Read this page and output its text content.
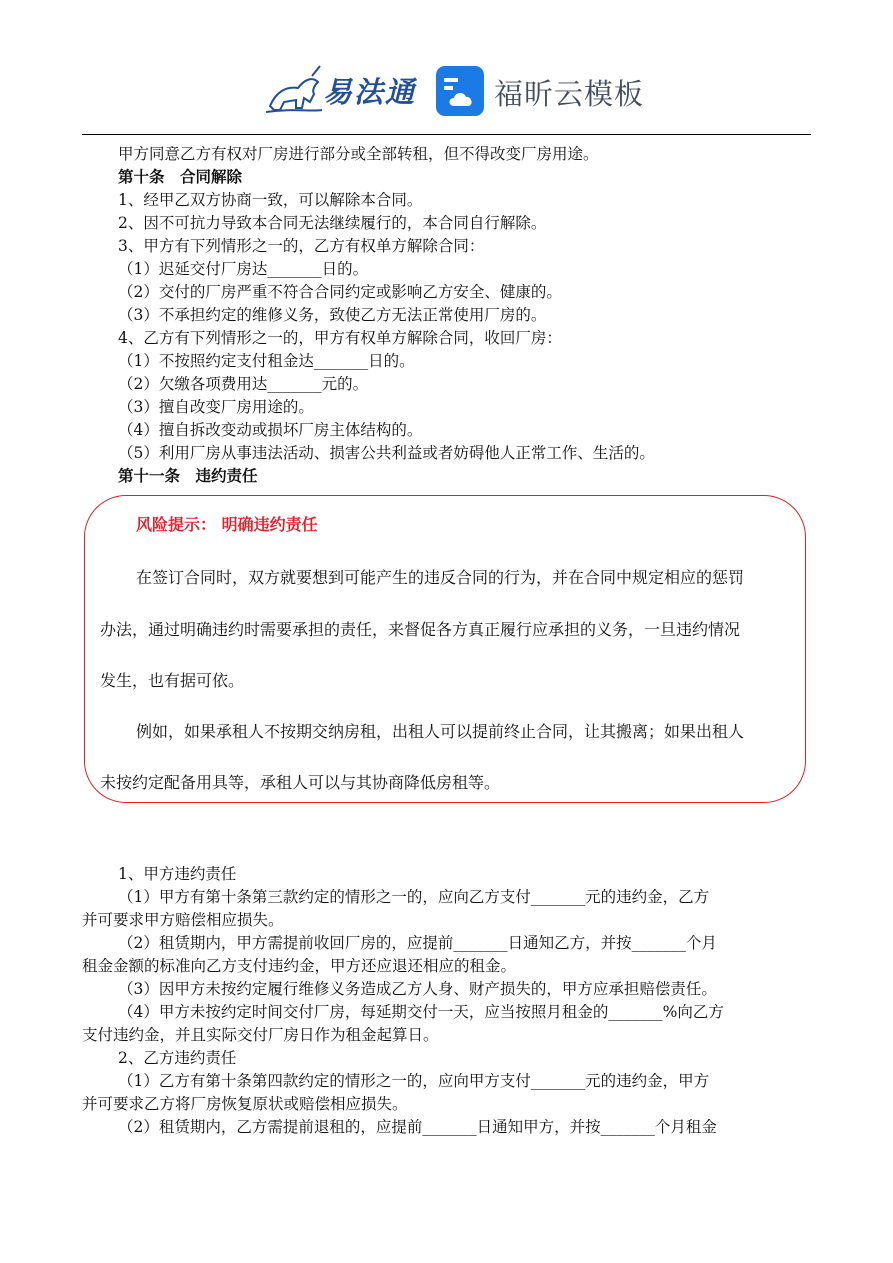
易法通	福昕云模板
甲方同意乙方有权对厂房进行部分或全部转租，但不得改变厂房用途。
第十条　合同解除
1、经甲乙双方协商一致，可以解除本合同。
2、因不可抗力导致本合同无法继续履行的，本合同自行解除。
3、甲方有下列情形之一的，乙方有权单方解除合同：
（1）迟延交付厂房达_______日的。
（2）交付的厂房严重不符合合同约定或影响乙方安全、健康的。
（3）不承担约定的维修义务，致使乙方无法正常使用厂房的。
4、乙方有下列情形之一的，甲方有权单方解除合同，收回厂房：
（1）不按照约定支付租金达_______日的。
（2）欠缴各项费用达_______元的。
（3）擅自改变厂房用途的。
（4）擅自拆改变动或损坏厂房主体结构的。
（5）利用厂房从事违法活动、损害公共利益或者妨碍他人正常工作、生活的。
第十一条　违约责任
风险提示： 明确违约责任
在签订合同时，双方就要想到可能产生的违反合同的行为，并在合同中规定相应的惩罚
办法，通过明确违约时需要承担的责任，来督促各方真正履行应承担的义务，一旦违约情况
发生，也有据可依。
例如，如果承租人不按期交纳房租，出租人可以提前终止合同，让其搬离；如果出租人
未按约定配备用具等，承租人可以与其协商降低房租等。
1、甲方违约责任
（1）甲方有第十条第三款约定的情形之一的，应向乙方支付_______元的违约金，乙方
并可要求甲方赔偿相应损失。
（2）租赁期内，甲方需提前收回厂房的，应提前_______日通知乙方，并按_______个月
租金金额的标准向乙方支付违约金，甲方还应退还相应的租金。
（3）因甲方未按约定履行维修义务造成乙方人身、财产损失的，甲方应承担赔偿责任。
（4）甲方未按约定时间交付厂房，每延期交付一天，应当按照月租金的_______%向乙方
支付违约金，并且实际交付厂房日作为租金起算日。
2、乙方违约责任
（1）乙方有第十条第四款约定的情形之一的，应向甲方支付_______元的违约金，甲方
并可要求乙方将厂房恢复原状或赔偿相应损失。
（2）租赁期内，乙方需提前退租的，应提前_______日通知甲方，并按_______个月租金
